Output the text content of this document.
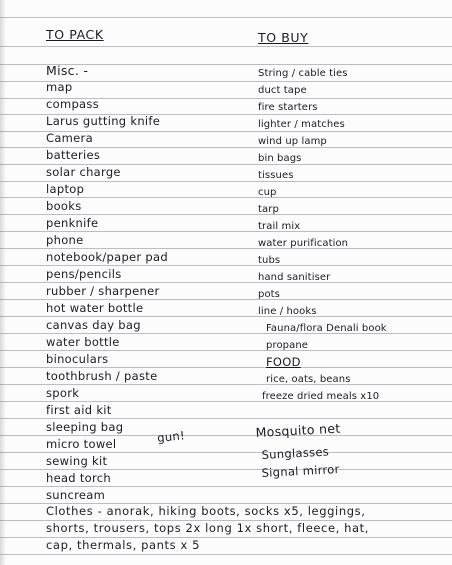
TO PACK	TO BUY
Misc. -
map
compass
Larus gutting knife
Camera
batteries
solar charge
laptop
books
penknife
phone
notebook/paper pad
pens/pencils
rubber / sharpener
hot water bottle
canvas day bag
water bottle
binoculars
toothbrush / paste
spork
first aid kit
sleeping bag
micro towel
sewing kit
head torch
suncream
gun!
Clothes - anorak, hiking boots, socks x5, leggings,
shorts, trousers, tops 2x long 1x short, fleece, hat,
cap, thermals, pants x 5
String / cable ties
duct tape
fire starters
lighter / matches
wind up lamp
bin bags
tissues
cup
tarp
trail mix
water purification
tubs
hand sanitiser
pots
line / hooks
Fauna/flora Denali book
propane
FOOD
rice, oats, beans
freeze dried meals x10
Mosquito net
Sunglasses
Signal mirror
